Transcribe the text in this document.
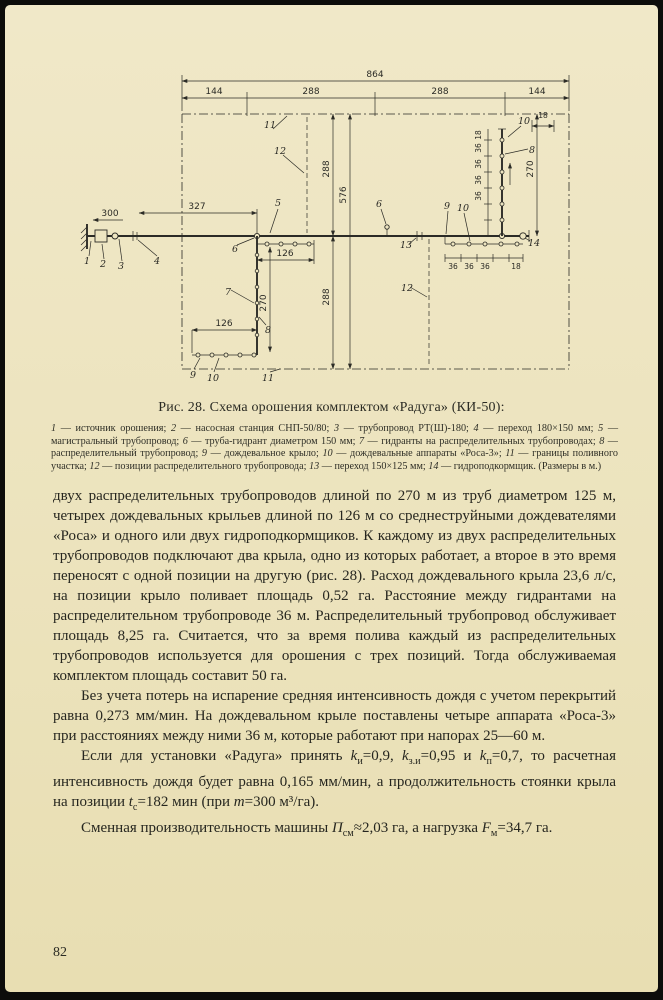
864
144	288	288	144
288
288
576
270
300
327
126
270
126
18
36
36
36
36
18
36 36 36	18
1 2 3	4
5
6
6
7
8
8
9
9
10
10
10
11
11
12
12
13	14
Рис. 28. Схема орошения комплектом «Радуга» (КИ-50):
1 — источник орошения; 2 — насосная станция СНП-50/80; 3 — трубопровод РТ(Ш)-180; 4 — переход 180×150 мм; 5 — магистральный трубопровод; 6 — труба-гидрант диаметром 150 мм; 7 — гидранты на распределительных трубопроводах; 8 — распределительный трубопровод; 9 — дождевальное крыло; 10 — дождевальные аппараты «Роса-3»; 11 — границы поливного участка; 12 — позиции распределительного трубопровода; 13 — переход 150×125 мм; 14 — гидроподкормщик. (Размеры в м.)

двух распределительных трубопроводов длиной по 270 м из труб диаметром 125 м, четырех дождевальных крыльев длиной по 126 м со среднеструйными дождевателями «Роса» и одного или двух гидроподкормщиков. К каждому из двух распределительных трубопроводов подключают два крыла, одно из которых работает, а второе в это время переносят с одной позиции на другую (рис. 28). Расход дождевального крыла 23,6 л/с, на позиции крыло поливает площадь 0,52 га. Расстояние между гидрантами на распределительном трубопроводе 36 м. Распределительный трубопровод обслуживает площадь 8,25 га. Считается, что за время полива каждый из распределительных трубопроводов используется для орошения с трех позиций. Тогда обслуживаемая комплектом площадь составит 50 га.

Без учета потерь на испарение средняя интенсивность дождя с учетом перекрытий равна 0,273 мм/мин. На дождевальном крыле поставлены четыре аппарата «Роса-3» при расстояниях между ними 36 м, которые работают при напорах 25—60 м.

Если для установки «Радуга» принять $k_и=0,9$, $k_{з.и}=0,95$ и $k_п=0,7$, то расчетная интенсивность дождя будет равна 0,165 мм/мин, а продолжительность стоянки крыла на позиции $t_с=182$ мин (при m=300 м³/га).

Сменная производительность машины $П_{см}\approx 2,03$ га, а нагрузка $F_м=34,7$ га.

82
